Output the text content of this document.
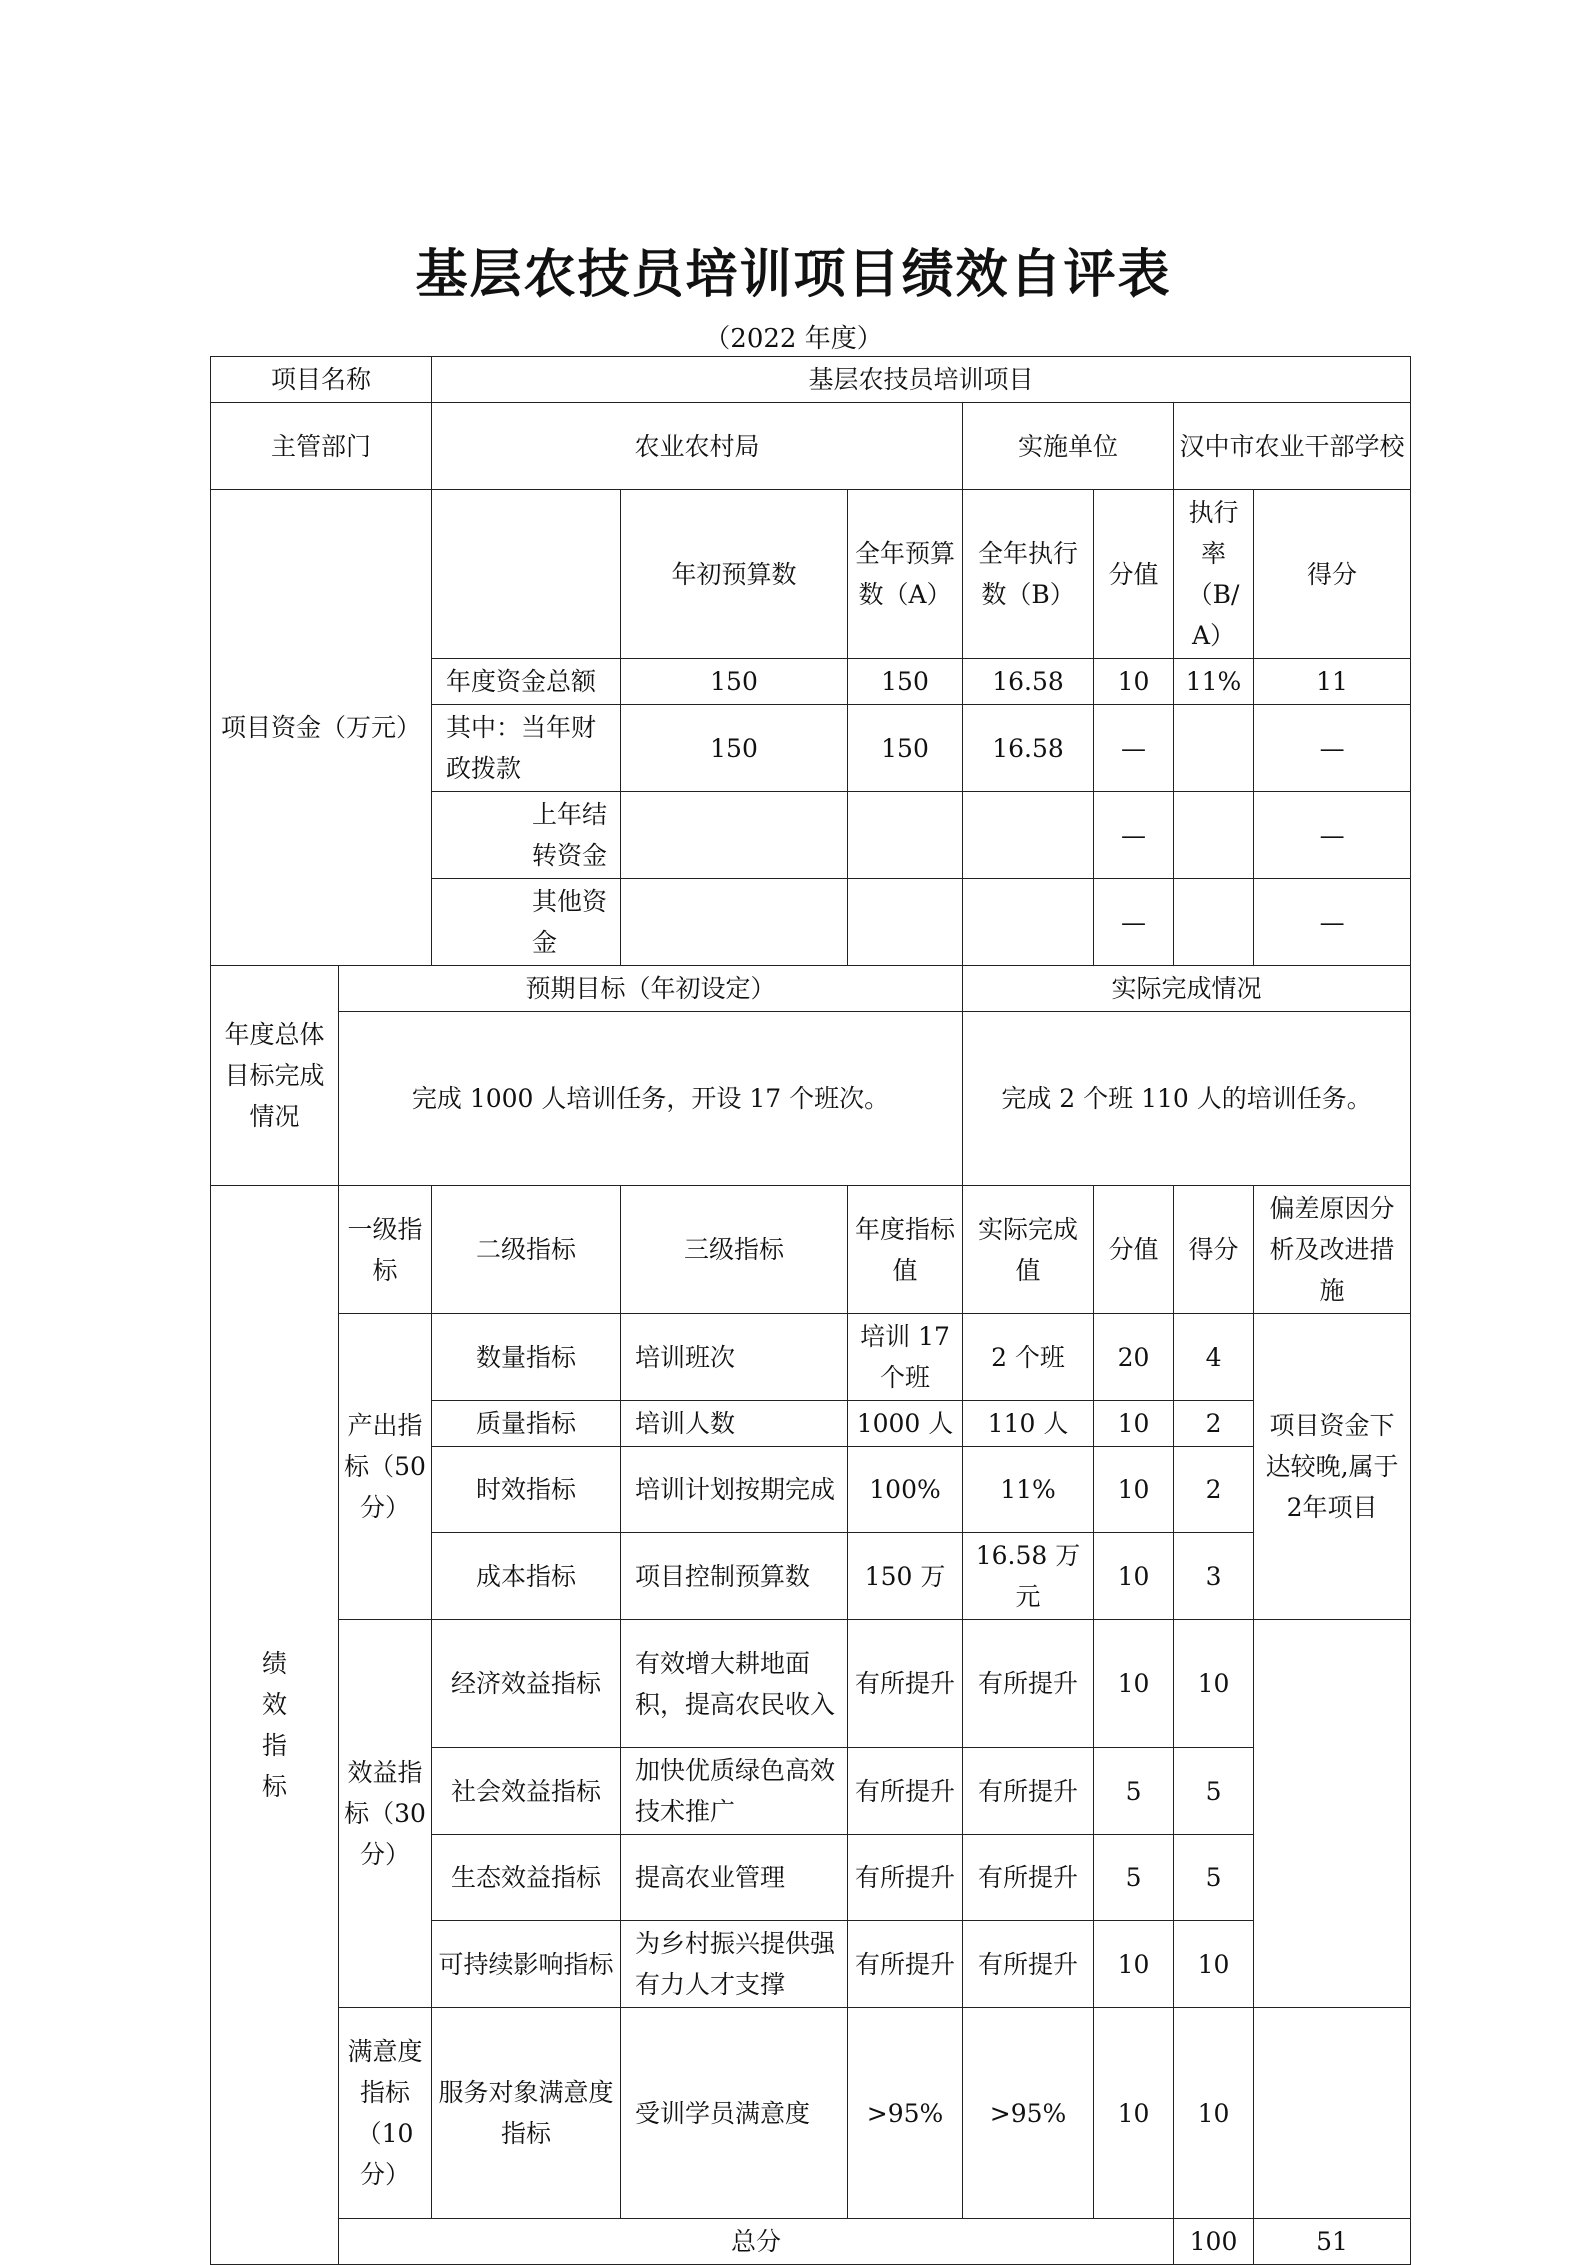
基层农技员培训项目绩效自评表
（2022 年度）
项目名称		基层农技员培训项目							
主管部门		农业农村局			实施单位		汉中市农业干部学校		
项目资金（万元）			年初预算数	全年预算数（A）	全年执行数（B）	分值	执行率（B/A）	得分	
		年度资金总额	150	150	16.58	10	11%	11	
		其中：当年财政拨款	150	150	16.58	—		—	
		上年结转资金				—		—	
		其他资金				—		—	
年度总体目标完成情况	预期目标（年初设定）				实际完成情况				
	完成 1000 人培训任务，开设 17 个班次。				完成 2 个班 110 人的培训任务。				
绩效指标	一级指标	二级指标	三级指标	年度指标值	实际完成值	分值	得分	偏差原因分析及改进措施	
	产出指标（50分）	数量指标	培训班次	培训 17 个班	2 个班	20	4	项目资金下达较晚,属于2年项目	
		质量指标	培训人数	1000 人	110 人	10	2		
		时效指标	培训计划按期完成	100%	11%	10	2		
		成本指标	项目控制预算数	150 万	16.58 万元	10	3		
	效益指标（30分）	经济效益指标	有效增大耕地面积，提高农民收入	有所提升	有所提升	10	10		
		社会效益指标	加快优质绿色高效技术推广	有所提升	有所提升	5	5		
		生态效益指标	提高农业管理	有所提升	有所提升	5	5		
		可持续影响指标	为乡村振兴提供强有力人才支撑	有所提升	有所提升	10	10		
	满意度指标（10分）	服务对象满意度指标	受训学员满意度	>95%	>95%	10	10		
	总分						100	51	
